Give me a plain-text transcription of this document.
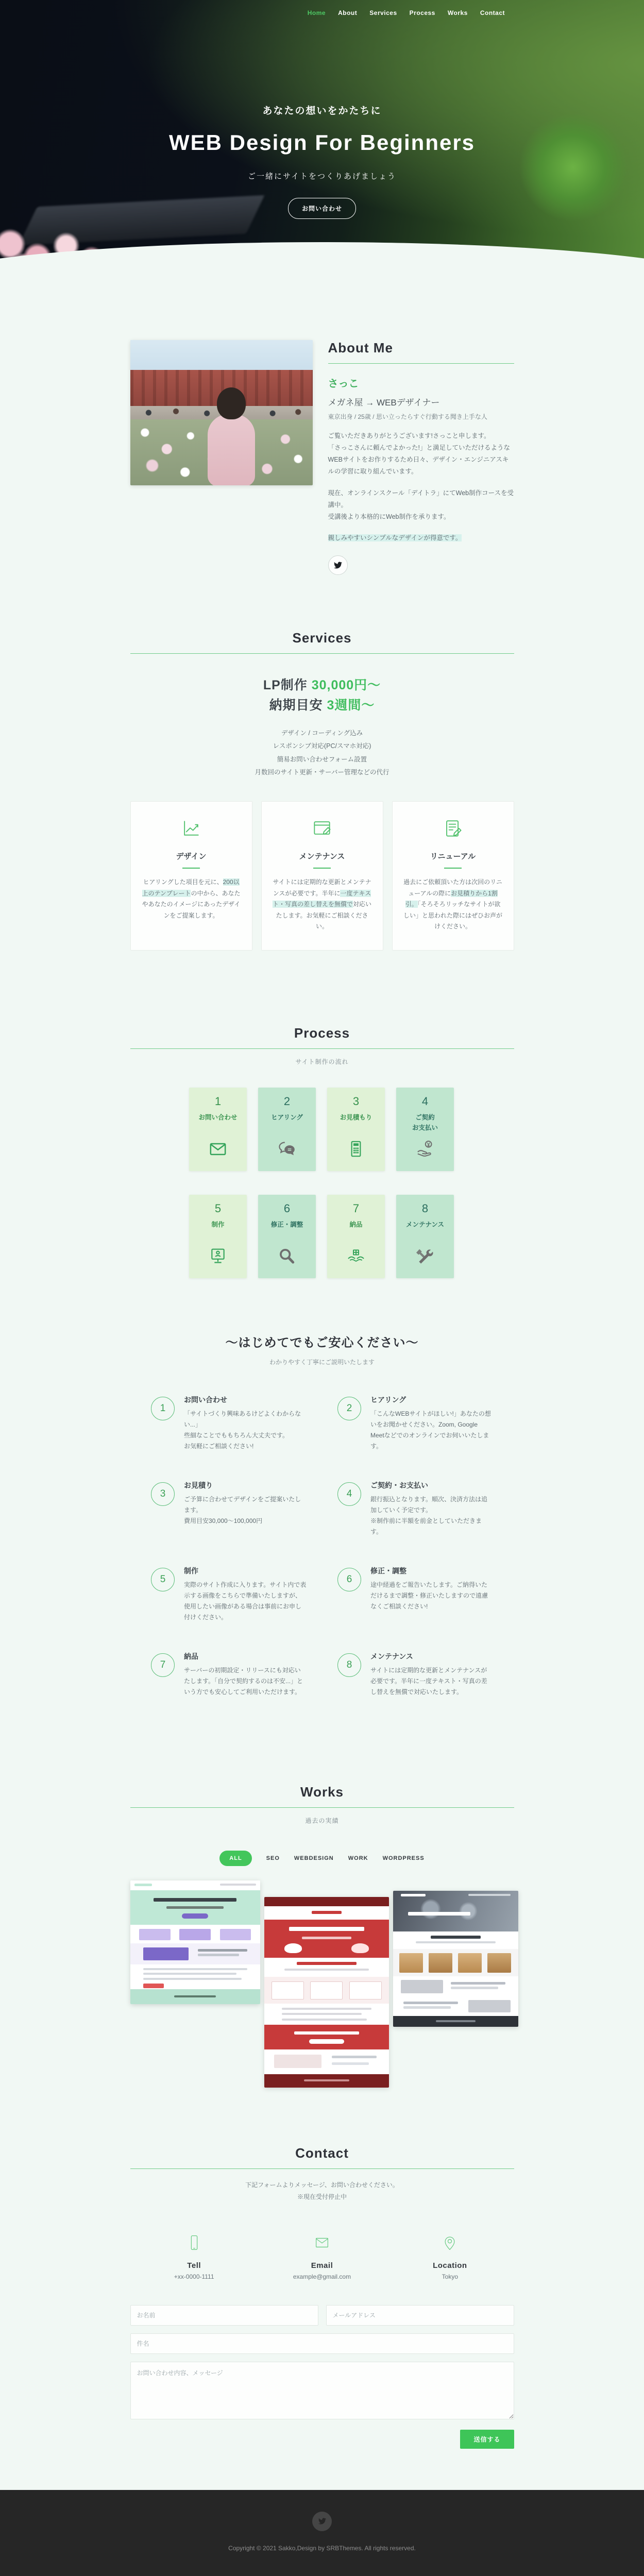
Home About Services Process Works Contact
あなたの想いをかたちに
WEB Design For Beginners
ご一緒にサイトをつくりあげましょう
お問い合わせ
About Me
さっこ
メガネ屋 → WEBデザイナー
東京出身 / 25歳 / 思い立ったらすぐ行動する聞き上手な人

ご覧いただきありがとうございます!さっこと申します。
「さっこさんに頼んでよかった!」と満足していただけるようなWEBサイトをお作りするため日々、デザイン・エンジニアスキルの学習に取り組んでいます。

現在、オンラインスクール「デイトラ」にてWeb制作コースを受講中。
受講後より本格的にWeb制作を承ります。

親しみやすいシンプルなデザインが得意です。

Services
LP制作 30,000円〜
納期目安 3週間〜
デザイン / コーディング込み
レスポンシブ対応(PC/スマホ対応)
簡易お問い合わせフォーム設置
月数回のサイト更新・サーバー管理などの代行
デザイン

ヒアリングした項目を元に、200以上のテンプレートの中から、あなたやあなたのイメージにあったデザインをご提案します。

メンテナンス

サイトには定期的な更新とメンテナンスが必要です。半年に一度テキスト・写真の差し替えを無償で対応いたします。お気軽にご相談ください。

リニューアル

過去にご依頼頂いた方は次回のリニューアルの際にお見積りから1割引。「そろそろリッチなサイトが欲しい」と思われた際にはぜひお声がけください。

Process
サイト制作の流れ
1
お問い合わせ
2
ヒアリング
3
お見積もり
4
ご契約
お支払い
5
制作
6
修正・調整
7
納品
8
メンテナンス
〜はじめてでもご安心ください〜
わかりやすく丁寧にご説明いたします
1
お問い合わせ
「サイトづくり興味あるけどよくわからない...」
些細なことでももちろん大丈夫です。
お気軽にご相談ください!
2
ヒアリング
「こんなWEBサイトがほしい!」あなたの想いをお聞かせください。Zoom, Google Meetなどでのオンラインでお伺いいたします。
3
お見積り
ご予算に合わせてデザインをご提案いたします。
費用目安30,000〜100,000円
4
ご契約・お支払い
銀行振込となります。順次、決済方法は追加していく予定です。
※制作前に半額を前金としていただきます。
5
制作
実際のサイト作成に入ります。サイト内で表示する画像をこちらで準備いたしますが、使用したい画像がある場合は事前にお申し付けください。
6
修正・調整
途中経過をご報告いたします。ご納得いただけるまで調整・修正いたしますので遠慮なくご相談ください!
7
納品
サーバーの初期設定・リリースにも対応いたします。「自分で契約するのは不安...」という方でも安心してご利用いただけます。
8
メンテナンス
サイトには定期的な更新とメンテナンスが必要です。半年に一度テキスト・写真の差し替えを無償で対応いたします。
Works
過去の実績
ALL	SEO	WEBDESIGN	WORK	WORDPRESS
Contact
下記フォームよりメッセージ、お問い合わせください。
※現在受付停止中
Tell
+xx-0000-1111
Email
example@gmail.com
Location
Tokyo
お名前
メールアドレス
件名
お問い合わせ内容、メッセージ
送信する
Copyright © 2021 Sakko,Design by SRBThemes. All rights reserved.
